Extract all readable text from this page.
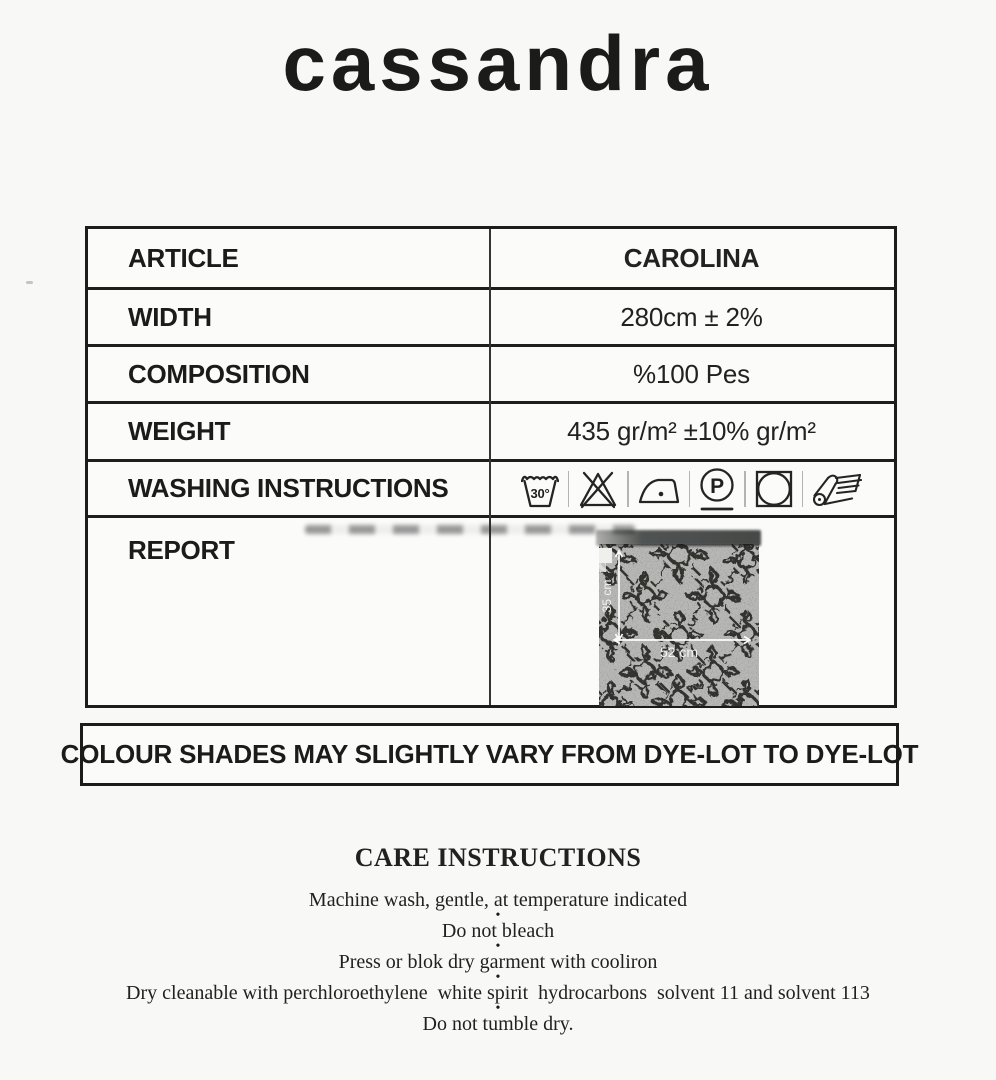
cassandra
ARTICLE	CAROLINA
WIDTH	280cm ± 2%
COMPOSITION	%100 Pes
WEIGHT	435 gr/m² ±10% gr/m²
WASHING INSTRUCTIONS	30°	P
REPORT
35 cm
52 cm
COLOUR SHADES MAY SLIGHTLY VARY FROM DYE-LOT TO DYE-LOT
CARE INSTRUCTIONS
Machine wash, gentle, at temperature indicated
•
Do not bleach
•
Press or blok dry garment with cooliron
•
Dry cleanable with perchloroethylene  white spirit  hydrocarbons  solvent 11 and solvent 113
•
Do not tumble dry.
